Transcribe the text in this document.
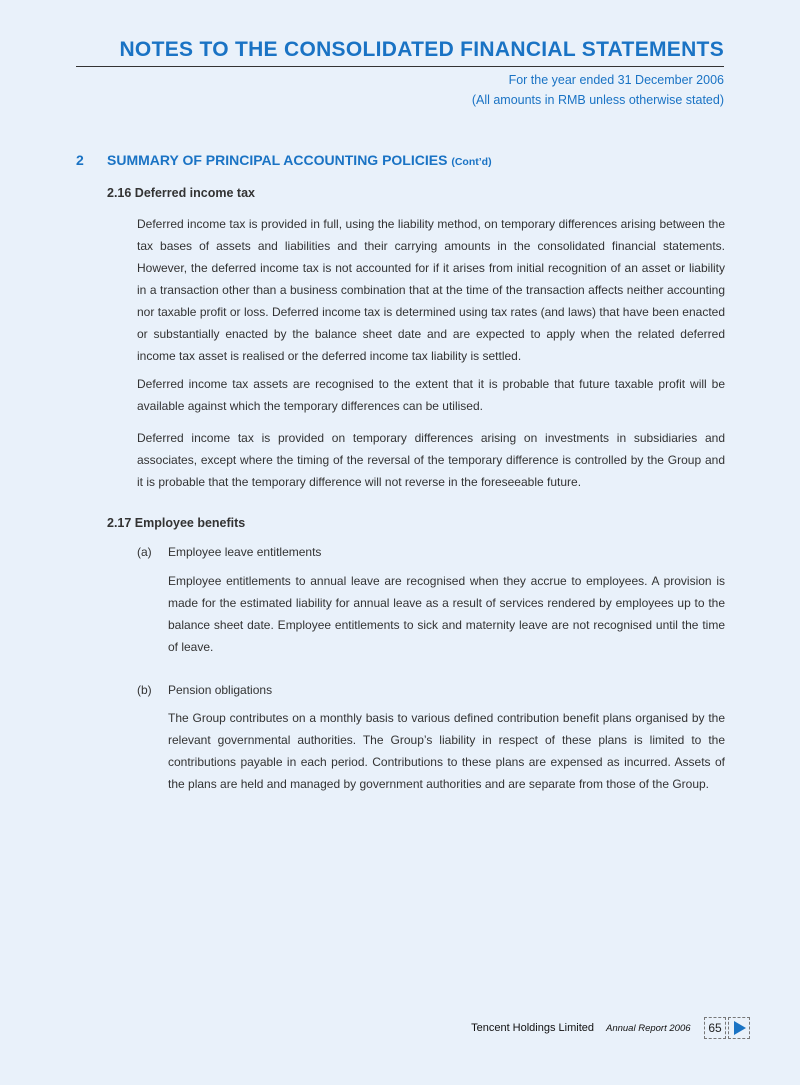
NOTES TO THE CONSOLIDATED FINANCIAL STATEMENTS
For the year ended 31 December 2006
(All amounts in RMB unless otherwise stated)
2 SUMMARY OF PRINCIPAL ACCOUNTING POLICIES (Cont’d)
2.16 Deferred income tax

Deferred income tax is provided in full, using the liability method, on temporary differences arising between the tax bases of assets and liabilities and their carrying amounts in the consolidated financial statements. However, the deferred income tax is not accounted for if it arises from initial recognition of an asset or liability in a transaction other than a business combination that at the time of the transaction affects neither accounting nor taxable profit or loss. Deferred income tax is determined using tax rates (and laws) that have been enacted or substantially enacted by the balance sheet date and are expected to apply when the related deferred income tax asset is realised or the deferred income tax liability is settled.

Deferred income tax assets are recognised to the extent that it is probable that future taxable profit will be available against which the temporary differences can be utilised.

Deferred income tax is provided on temporary differences arising on investments in subsidiaries and associates, except where the timing of the reversal of the temporary difference is controlled by the Group and it is probable that the temporary difference will not reverse in the foreseeable future.

2.17 Employee benefits
(a) Employee leave entitlements

Employee entitlements to annual leave are recognised when they accrue to employees. A provision is made for the estimated liability for annual leave as a result of services rendered by employees up to the balance sheet date. Employee entitlements to sick and maternity leave are not recognised until the time of leave.

(b) Pension obligations

The Group contributes on a monthly basis to various defined contribution benefit plans organised by the relevant governmental authorities. The Group’s liability in respect of these plans is limited to the contributions payable in each period. Contributions to these plans are expensed as incurred. Assets of the plans are held and managed by government authorities and are separate from those of the Group.

Tencent Holdings Limited Annual Report 2006	65
